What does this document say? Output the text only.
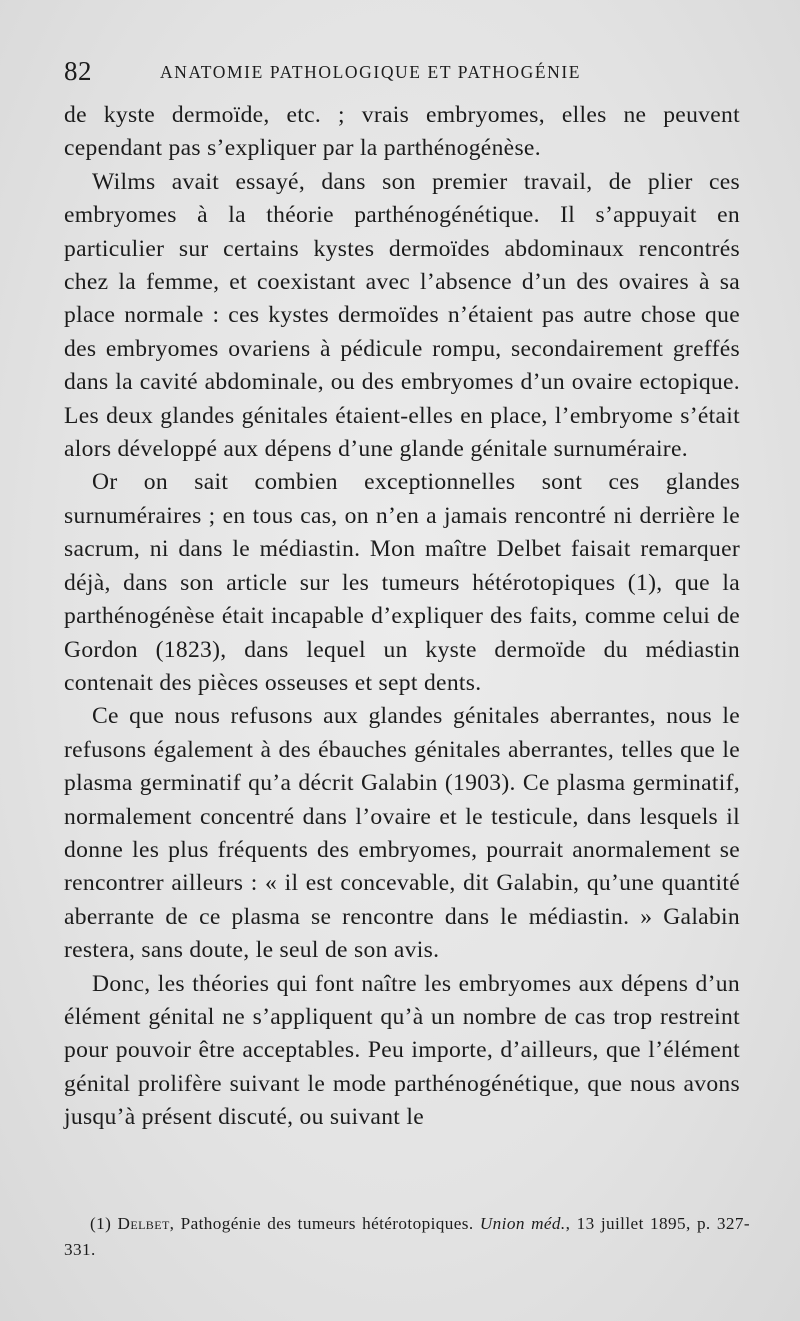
82	ANATOMIE PATHOLOGIQUE ET PATHOGÉNIE

de kyste dermoïde, etc. ; vrais embryomes, elles ne peuvent cependant pas s’expliquer par la parthénogénèse.

Wilms avait essayé, dans son premier travail, de plier ces embryomes à la théorie parthénogénétique. Il s’appuyait en particulier sur certains kystes dermoïdes abdominaux rencontrés chez la femme, et coexistant avec l’absence d’un des ovaires à sa place normale : ces kystes dermoïdes n’étaient pas autre chose que des embryomes ovariens à pédicule rompu, secondairement greffés dans la cavité abdominale, ou des embryomes d’un ovaire ectopique. Les deux glandes génitales étaient-elles en place, l’embryome s’était alors développé aux dépens d’une glande génitale surnuméraire.

Or on sait combien exceptionnelles sont ces glandes surnuméraires ; en tous cas, on n’en a jamais rencontré ni derrière le sacrum, ni dans le médiastin. Mon maître Delbet faisait remarquer déjà, dans son article sur les tumeurs hétérotopiques (1), que la parthénogénèse était incapable d’expliquer des faits, comme celui de Gordon (1823), dans lequel un kyste dermoïde du médiastin contenait des pièces osseuses et sept dents.

Ce que nous refusons aux glandes génitales aberrantes, nous le refusons également à des ébauches génitales aberrantes, telles que le plasma germinatif qu’a décrit Galabin (1903). Ce plasma germinatif, normalement concentré dans l’ovaire et le testicule, dans lesquels il donne les plus fréquents des embryomes, pourrait anormalement se rencontrer ailleurs : « il est concevable, dit Galabin, qu’une quantité aberrante de ce plasma se rencontre dans le médiastin. » Galabin restera, sans doute, le seul de son avis.

Donc, les théories qui font naître les embryomes aux dépens d’un élément génital ne s’appliquent qu’à un nombre de cas trop restreint pour pouvoir être acceptables. Peu importe, d’ailleurs, que l’élément génital prolifère suivant le mode parthénogénétique, que nous avons jusqu’à présent discuté, ou suivant le

(1) Delbet, Pathogénie des tumeurs hétérotopiques. Union méd., 13 juillet 1895, p. 327-331.
